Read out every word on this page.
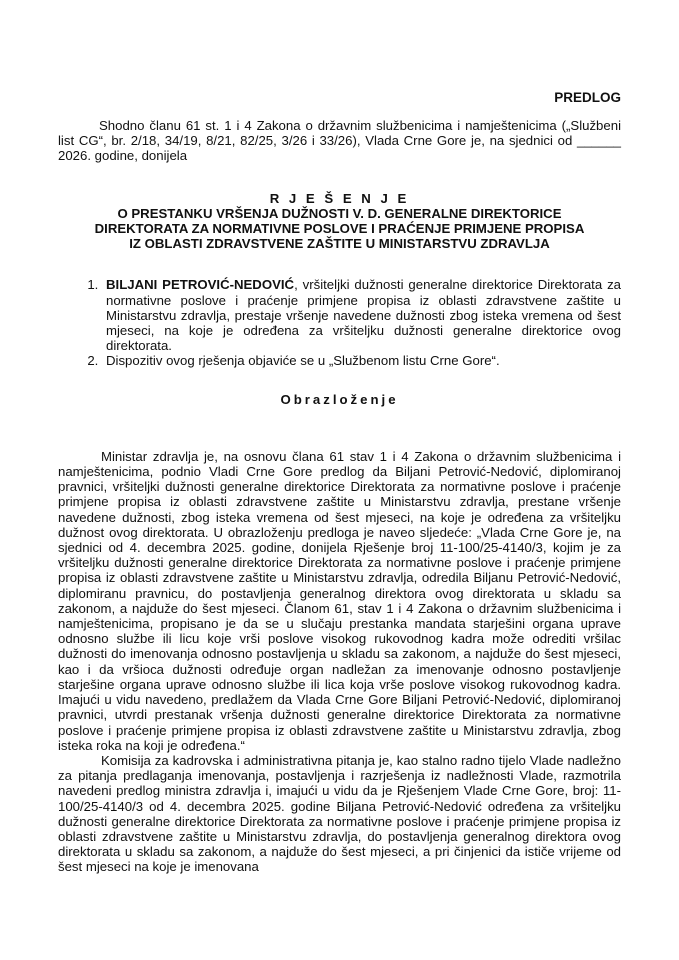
PREDLOG

Shodno članu 61 st. 1 i 4 Zakona o državnim službenicima i namještenicima („Službeni list CG“, br. 2/18, 34/19, 8/21, 82/25, 3/26 i 33/26), Vlada Crne Gore je, na sjednici od ______ 2026. godine, donijela

R J E Š E N J E
O PRESTANKU VRŠENJA DUŽNOSTI V. D. GENERALNE DIREKTORICE
DIREKTORATA ZA NORMATIVNE POSLOVE I PRAĆENJE PRIMJENE PROPISA
IZ OBLASTI ZDRAVSTVENE ZAŠTITE U MINISTARSTVU ZDRAVLJA
1. BILJANI PETROVIĆ-NEDOVIĆ, vršiteljki dužnosti generalne direktorice Direktorata za normativne poslove i praćenje primjene propisa iz oblasti zdravstvene zaštite u Ministarstvu zdravlja, prestaje vršenje navedene dužnosti zbog isteka vremena od šest mjeseci, na koje je određena za vršiteljku dužnosti generalne direktorice ovog direktorata.
2. Dispozitiv ovog rješenja objaviće se u „Službenom listu Crne Gore“.
Obrazloženje

Ministar zdravlja je, na osnovu člana 61 stav 1 i 4 Zakona o državnim službenicima i namještenicima, podnio Vladi Crne Gore predlog da Biljani Petrović-Nedović, diplomiranoj pravnici, vršiteljki dužnosti generalne direktorice Direktorata za normativne poslove i praćenje primjene propisa iz oblasti zdravstvene zaštite u Ministarstvu zdravlja, prestane vršenje navedene dužnosti, zbog isteka vremena od šest mjeseci, na koje je određena za vršiteljku dužnost ovog direktorata. U obrazloženju predloga je naveo sljedeće: „Vlada Crne Gore je, na sjednici od 4. decembra 2025. godine, donijela Rješenje broj 11-100/25-4140/3, kojim je za vršiteljku dužnosti generalne direktorice Direktorata za normativne poslove i praćenje primjene propisa iz oblasti zdravstvene zaštite u Ministarstvu zdravlja, odredila Biljanu Petrović-Nedović, diplomiranu pravnicu, do postavljenja generalnog direktora ovog direktorata u skladu sa zakonom, a najduže do šest mjeseci. Članom 61, stav 1 i 4 Zakona o državnim službenicima i namještenicima, propisano je da se u slučaju prestanka mandata starješini organa uprave odnosno službe ili licu koje vrši poslove visokog rukovodnog kadra može odrediti vršilac dužnosti do imenovanja odnosno postavljenja u skladu sa zakonom, a najduže do šest mjeseci, kao i da vršioca dužnosti određuje organ nadležan za imenovanje odnosno postavljenje starješine organa uprave odnosno službe ili lica koja vrše poslove visokog rukovodnog kadra. Imajući u vidu navedeno, predlažem da Vlada Crne Gore Biljani Petrović-Nedović, diplomiranoj pravnici, utvrdi prestanak vršenja dužnosti generalne direktorice Direktorata za normativne poslove i praćenje primjene propisa iz oblasti zdravstvene zaštite u Ministarstvu zdravlja, zbog isteka roka na koji je određena.“

Komisija za kadrovska i administrativna pitanja je, kao stalno radno tijelo Vlade nadležno za pitanja predlaganja imenovanja, postavljenja i razrješenja iz nadležnosti Vlade, razmotrila navedeni predlog ministra zdravlja i, imajući u vidu da je Rješenjem Vlade Crne Gore, broj: 11-100/25-4140/3 od 4. decembra 2025. godine Biljana Petrović-Nedović određena za vršiteljku dužnosti generalne direktorice Direktorata za normativne poslove i praćenje primjene propisa iz oblasti zdravstvene zaštite u Ministarstvu zdravlja, do postavljenja generalnog direktora ovog direktorata u skladu sa zakonom, a najduže do šest mjeseci, a pri činjenici da ističe vrijeme od šest mjeseci na koje je imenovana
